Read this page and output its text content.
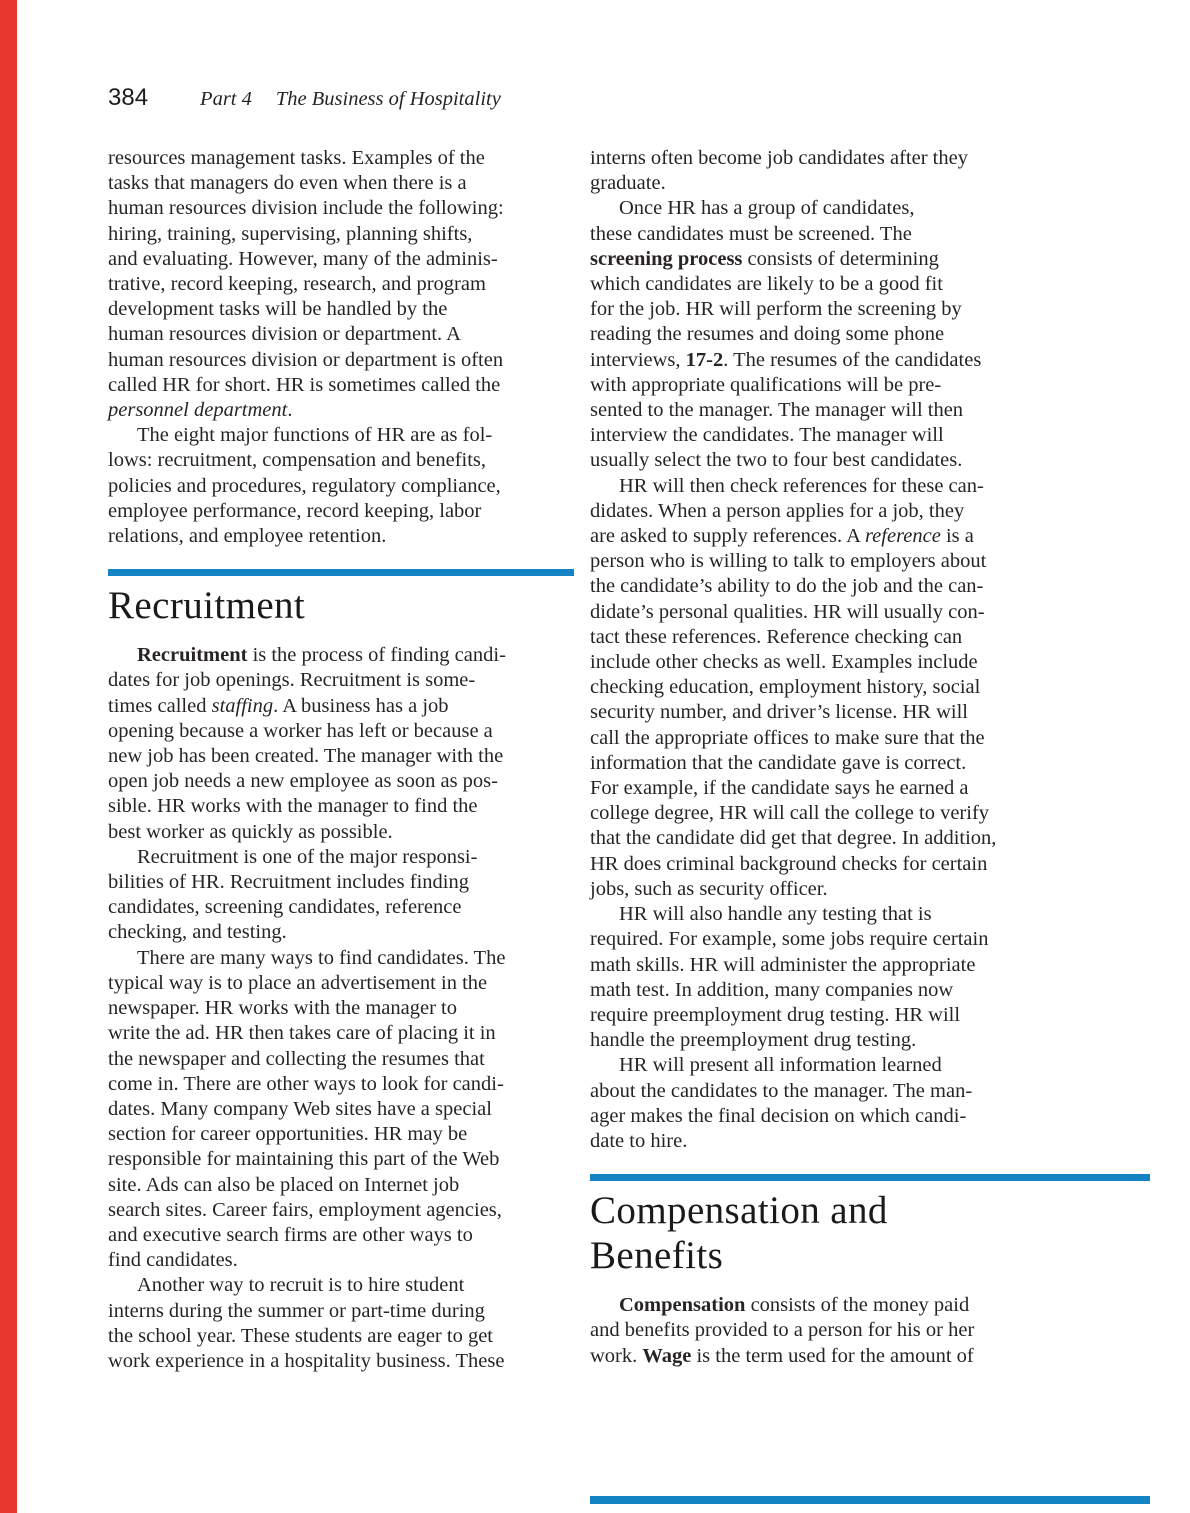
384	Part 4 The Business of Hospitality
resources management tasks. Examples of the
tasks that managers do even when there is a
human resources division include the following:
hiring, training, supervising, planning shifts,
and evaluating. However, many of the adminis-
trative, record keeping, research, and program
development tasks will be handled by the
human resources division or department. A
human resources division or department is often
called HR for short. HR is sometimes called the
personnel department.
The eight major functions of HR are as fol-
lows: recruitment, compensation and benefits,
policies and procedures, regulatory compliance,
employee performance, record keeping, labor
relations, and employee retention.
Recruitment
Recruitment is the process of finding candi-
dates for job openings. Recruitment is some-
times called staffing. A business has a job
opening because a worker has left or because a
new job has been created. The manager with the
open job needs a new employee as soon as pos-
sible. HR works with the manager to find the
best worker as quickly as possible.
Recruitment is one of the major responsi-
bilities of HR. Recruitment includes finding
candidates, screening candidates, reference
checking, and testing.
There are many ways to find candidates. The
typical way is to place an advertisement in the
newspaper. HR works with the manager to
write the ad. HR then takes care of placing it in
the newspaper and collecting the resumes that
come in. There are other ways to look for candi-
dates. Many company Web sites have a special
section for career opportunities. HR may be
responsible for maintaining this part of the Web
site. Ads can also be placed on Internet job
search sites. Career fairs, employment agencies,
and executive search firms are other ways to
find candidates.
Another way to recruit is to hire student
interns during the summer or part-time during
the school year. These students are eager to get
work experience in a hospitality business. These
interns often become job candidates after they
graduate.
Once HR has a group of candidates,
these candidates must be screened. The
screening process consists of determining
which candidates are likely to be a good fit
for the job. HR will perform the screening by
reading the resumes and doing some phone
interviews, 17-2. The resumes of the candidates
with appropriate qualifications will be pre-
sented to the manager. The manager will then
interview the candidates. The manager will
usually select the two to four best candidates.
HR will then check references for these can-
didates. When a person applies for a job, they
are asked to supply references. A reference is a
person who is willing to talk to employers about
the candidate’s ability to do the job and the can-
didate’s personal qualities. HR will usually con-
tact these references. Reference checking can
include other checks as well. Examples include
checking education, employment history, social
security number, and driver’s license. HR will
call the appropriate offices to make sure that the
information that the candidate gave is correct.
For example, if the candidate says he earned a
college degree, HR will call the college to verify
that the candidate did get that degree. In addition,
HR does criminal background checks for certain
jobs, such as security officer.
HR will also handle any testing that is
required. For example, some jobs require certain
math skills. HR will administer the appropriate
math test. In addition, many companies now
require preemployment drug testing. HR will
handle the preemployment drug testing.
HR will present all information learned
about the candidates to the manager. The man-
ager makes the final decision on which candi-
date to hire.
Compensation and
Benefits
Compensation consists of the money paid
and benefits provided to a person for his or her
work. Wage is the term used for the amount of
